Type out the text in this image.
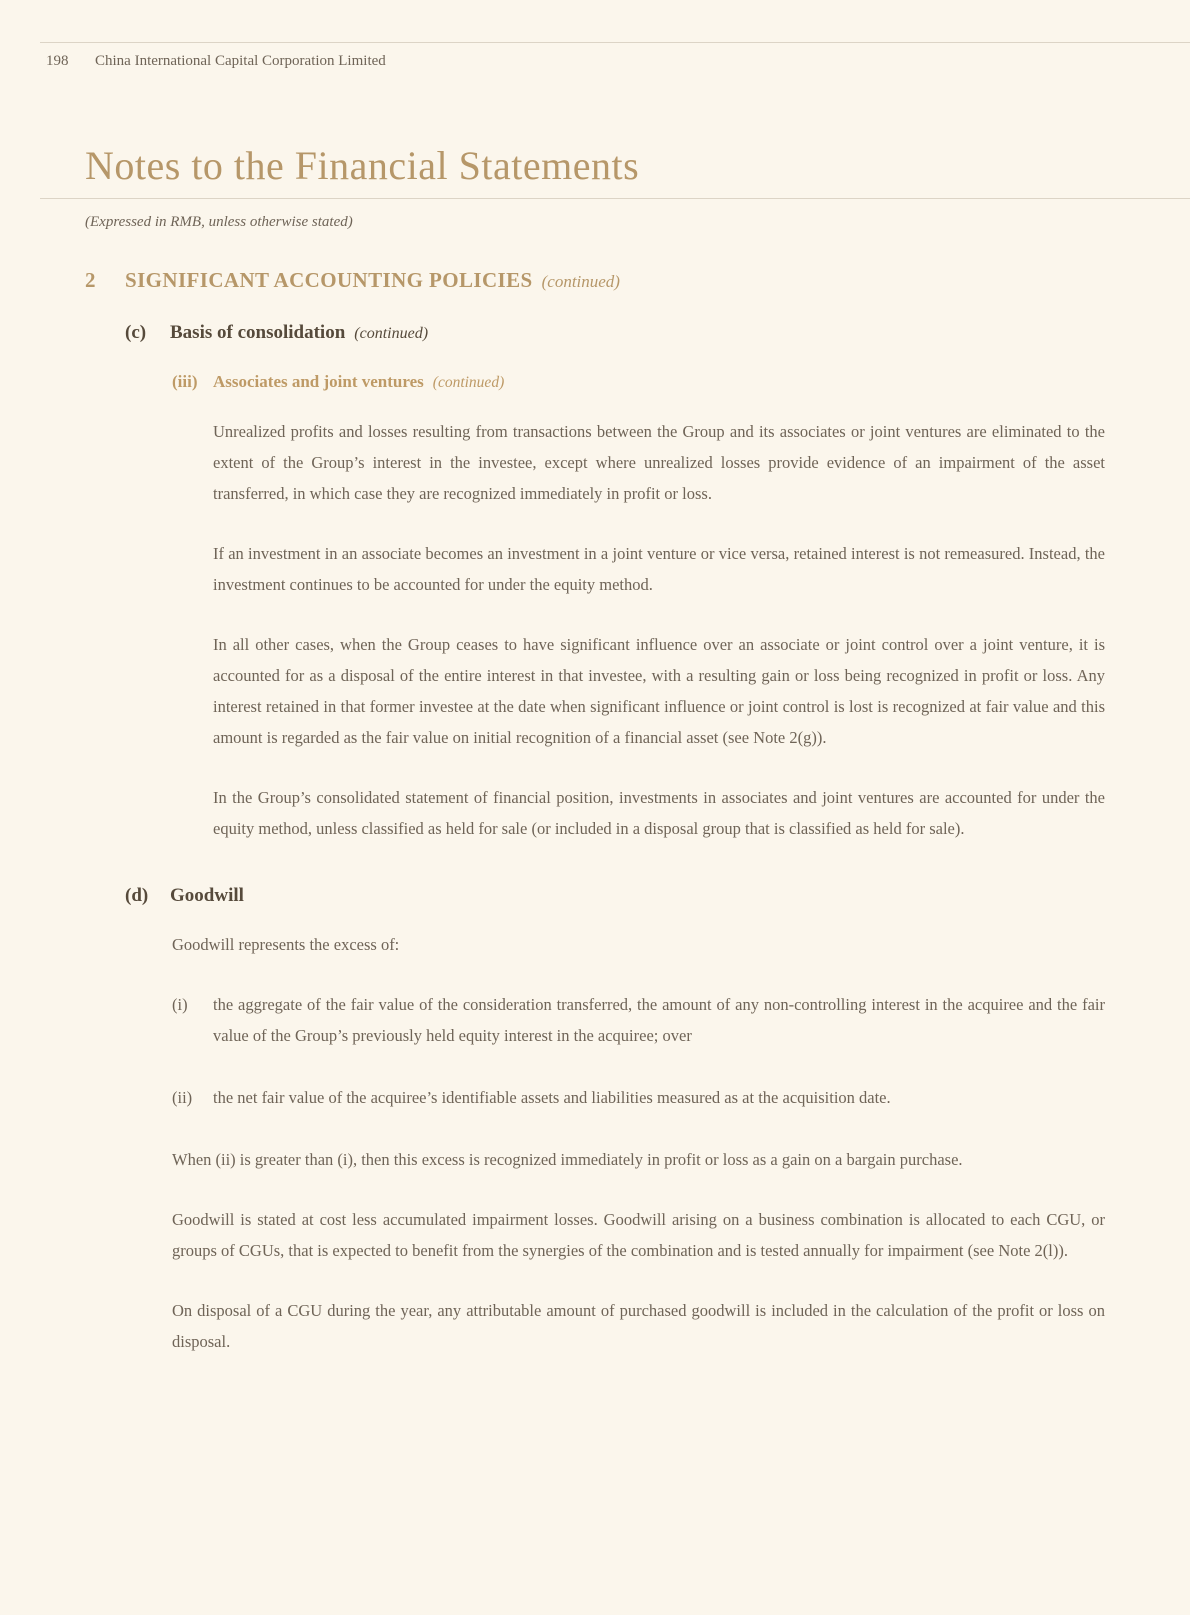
198	China International Capital Corporation Limited
Notes to the Financial Statements
(Expressed in RMB, unless otherwise stated)
2	SIGNIFICANT ACCOUNTING POLICIES (continued)
(c)	Basis of consolidation (continued)
(iii) Associates and joint ventures (continued)

Unrealized profits and losses resulting from transactions between the Group and its associates or joint ventures are eliminated to the extent of the Group’s interest in the investee, except where unrealized losses provide evidence of an impairment of the asset transferred, in which case they are recognized immediately in profit or loss.

If an investment in an associate becomes an investment in a joint venture or vice versa, retained interest is not remeasured. Instead, the investment continues to be accounted for under the equity method.

In all other cases, when the Group ceases to have significant influence over an associate or joint control over a joint venture, it is accounted for as a disposal of the entire interest in that investee, with a resulting gain or loss being recognized in profit or loss. Any interest retained in that former investee at the date when significant influence or joint control is lost is recognized at fair value and this amount is regarded as the fair value on initial recognition of a financial asset (see Note 2(g)).

In the Group’s consolidated statement of financial position, investments in associates and joint ventures are accounted for under the equity method, unless classified as held for sale (or included in a disposal group that is classified as held for sale).

(d)	Goodwill

Goodwill represents the excess of:

(i)	the aggregate of the fair value of the consideration transferred, the amount of any non-controlling interest in the acquiree and the fair value of the Group’s previously held equity interest in the acquiree; over
(ii)	the net fair value of the acquiree’s identifiable assets and liabilities measured as at the acquisition date.

When (ii) is greater than (i), then this excess is recognized immediately in profit or loss as a gain on a bargain purchase.

Goodwill is stated at cost less accumulated impairment losses. Goodwill arising on a business combination is allocated to each CGU, or groups of CGUs, that is expected to benefit from the synergies of the combination and is tested annually for impairment (see Note 2(l)).

On disposal of a CGU during the year, any attributable amount of purchased goodwill is included in the calculation of the profit or loss on disposal.
